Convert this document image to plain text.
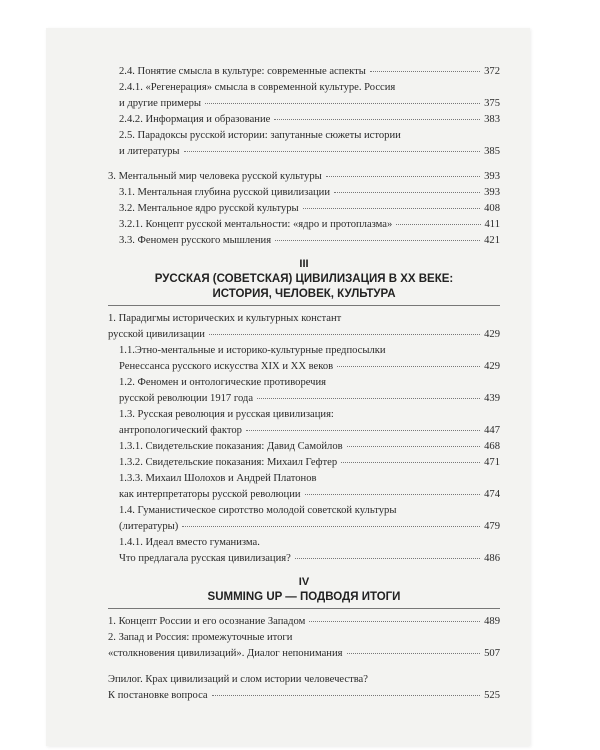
2.4. Понятие смысла в культуре: современные аспекты	372
2.4.1. «Регенерация» смысла в современной культуре. Россия
и другие примеры	375
2.4.2. Информация и образование	383
2.5. Парадоксы русской истории: запутанные сюжеты истории
и литературы	385
3. Ментальный мир человека русской культуры	393
3.1. Ментальная глубина русской цивилизации	393
3.2. Ментальное ядро русской культуры	408
3.2.1. Концепт русской ментальности: «ядро и протоплазма»	411
3.3. Феномен русского мышления	421
III
РУССКАЯ (СОВЕТСКАЯ) ЦИВИЛИЗАЦИЯ В XX ВЕКЕ:
ИСТОРИЯ, ЧЕЛОВЕК, КУЛЬТУРА
1. Парадигмы исторических и культурных констант
русской цивилизации	429
1.1.Этно-ментальные и историко-культурные предпосылки
Ренессанса русского искусства XIX и XX веков	429
1.2. Феномен и онтологические противоречия
русской революции 1917 года	439
1.3. Русская революция и русская цивилизация:
антропологический фактор	447
1.3.1. Свидетельские показания: Давид Самойлов	468
1.3.2. Свидетельские показания: Михаил Гефтер	471
1.3.3. Михаил Шолохов и Андрей Платонов
как интерпретаторы русской революции	474
1.4. Гуманистическое сиротство молодой советской культуры
(литературы)	479
1.4.1. Идеал вместо гуманизма.
Что предлагала русская цивилизация?	486
IV
SUMMING UP — ПОДВОДЯ ИТОГИ
1. Концепт России и его осознание Западом	489
2. Запад и Россия: промежуточные итоги
«столкновения цивилизаций». Диалог непонимания	507
Эпилог. Крах цивилизаций и слом истории человечества?
К постановке вопроса	525
